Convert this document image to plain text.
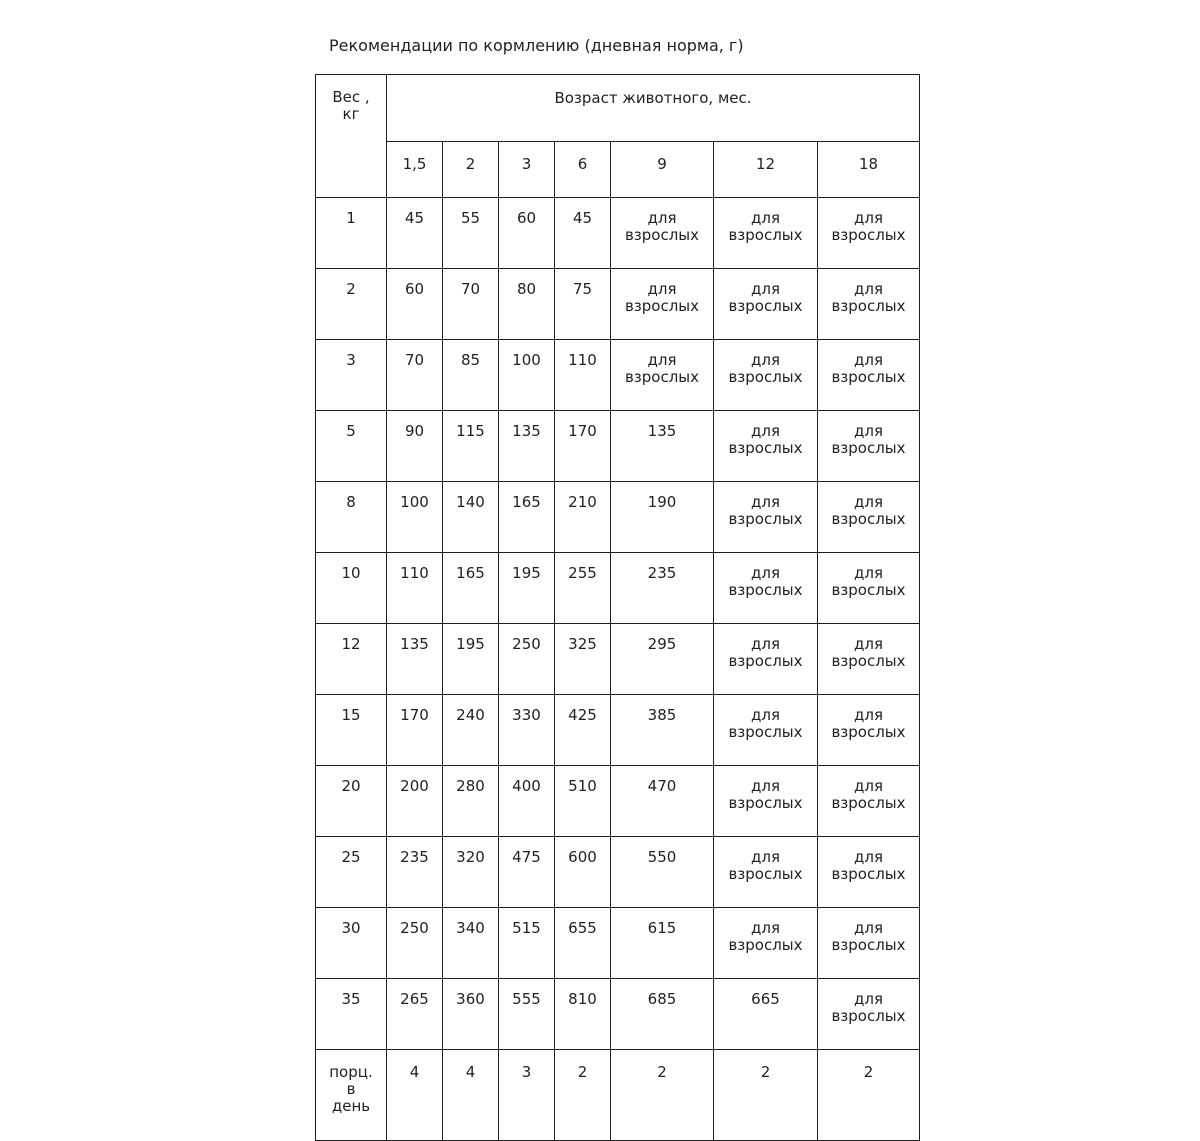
Рекомендации по кормлению (дневная норма, г)
Вес ,
кг	Возраст животного, мес.						

	1,5	2	3	6	9	12	18

1	45	55	60	45	для
взрослых	для
взрослых	для
взрослых

2	60	70	80	75	для
взрослых	для
взрослых	для
взрослых

3	70	85	100	110	для
взрослых	для
взрослых	для
взрослых

5	90	115	135	170	135	для
взрослых	для
взрослых

8	100	140	165	210	190	для
взрослых	для
взрослых

10	110	165	195	255	235	для
взрослых	для
взрослых

12	135	195	250	325	295	для
взрослых	для
взрослых

15	170	240	330	425	385	для
взрослых	для
взрослых

20	200	280	400	510	470	для
взрослых	для
взрослых

25	235	320	475	600	550	для
взрослых	для
взрослых

30	250	340	515	655	615	для
взрослых	для
взрослых

35	265	360	555	810	685	665	для
взрослых

порц.
в
день	4	4	3	2	2	2	2
